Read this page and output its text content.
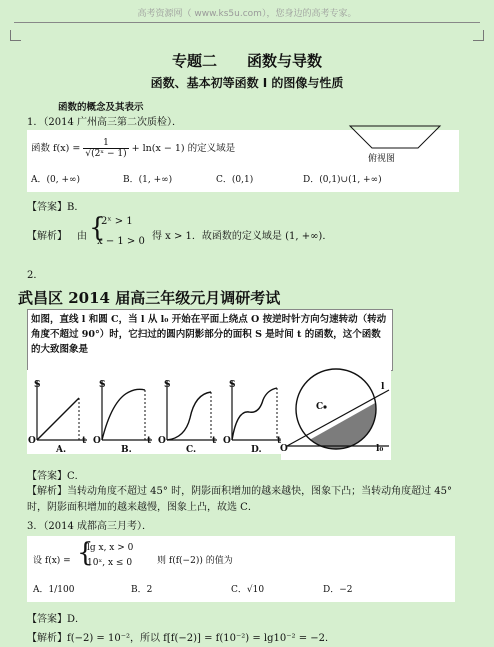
高考资源网（ www.ks5u.com），您身边的高考专家。
专题二　　函数与导数
函数、基本初等函数 I 的图像与性质
函数的概念及其表示
1．（2014 广州高三第二次质检）．
函数 $f(x) = \frac{1}{\text{√(2ˣ − 1)}} + \ln(x - 1)$ 的定义域是
A．(0, +∞)	B．(1, +∞)	C．(0,1)	D．(0,1)∪(1, +∞)
俯视图
【答案】B．
【解析】 由 {
2ˣ > 1
x − 1 > 0 得 x > 1．故函数的定义域是 (1, +∞)．
2．
武昌区 2014 届高三年级元月调研考试
如图，直线 l 和圆 C，当 l 从 l₀ 开始在平面上绕点 O 按逆时针方向匀速转动（转动角度不超过 90°）时，它扫过的圆内阴影部分的面积 S 是时间 t 的函数，这个函数的大致图象是
S
O	t
A.
S
O	t
B.
S
O	t
C.
S
O	t
D.
C
l
l₀
O
【答案】C．
【解析】当转动角度不超过 45° 时，阴影面积增加的越来越快，图象下凸；当转动角度超过 45° 时，阴影面积增加的越来越慢，图象上凸，故选 C．
3．（2014 成都高三月考）．
设 f(x) = {
lg x, x > 0
10ˣ, x ≤ 0	则 f(f(−2)) 的值为
A．1/100	B．2	C．√10	D．−2
【答案】D．
【解析】f(−2) = 10⁻²，所以 f[f(−2)] = f(10⁻²) = lg10⁻² = −2．
